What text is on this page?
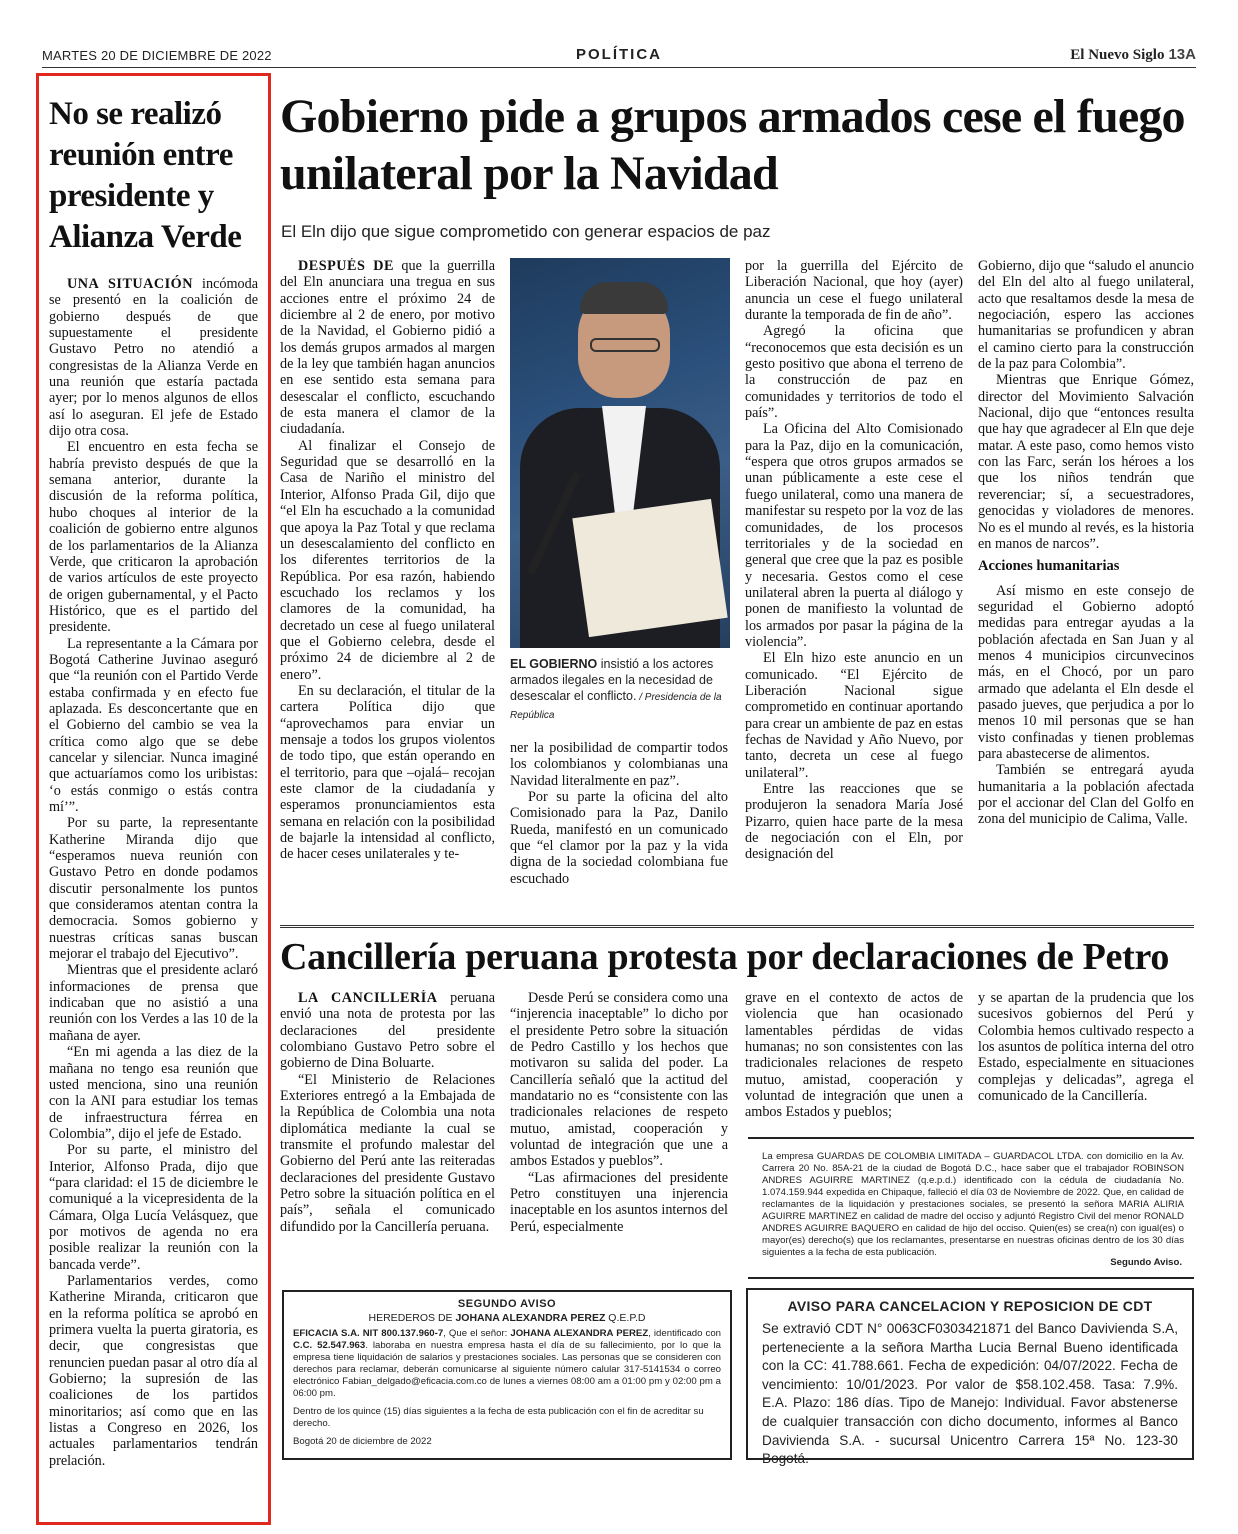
MARTES 20 DE DICIEMBRE DE 2022	POLÍTICA	El Nuevo Siglo 13A
No se realizó reunión entre presidente y Alianza Verde

UNA SITUACIÓN incómoda se presentó en la coalición de gobierno después de que supuestamente el presidente Gustavo Petro no atendió a congresistas de la Alianza Verde en una reunión que estaría pactada ayer; por lo menos algunos de ellos así lo aseguran. El jefe de Estado dijo otra cosa.

El encuentro en esta fecha se habría previsto después de que la semana anterior, durante la discusión de la reforma política, hubo choques al interior de la coalición de gobierno entre algunos de los parlamentarios de la Alianza Verde, que criticaron la aprobación de varios artículos de este proyecto de origen gubernamental, y el Pacto Histórico, que es el partido del presidente.

La representante a la Cámara por Bogotá Catherine Juvinao aseguró que “la reunión con el Partido Verde estaba confirmada y en efecto fue aplazada. Es desconcertante que en el Gobierno del cambio se vea la crítica como algo que se debe cancelar y silenciar. Nunca imaginé que actuaríamos como los uribistas: ‘o estás conmigo o estás contra mí’”.

Por su parte, la representante Katherine Miranda dijo que “esperamos nueva reunión con Gustavo Petro en donde podamos discutir personalmente los puntos que consideramos atentan contra la democracia. Somos gobierno y nuestras críticas sanas buscan mejorar el trabajo del Ejecutivo”.

Mientras que el presidente aclaró informaciones de prensa que indicaban que no asistió a una reunión con los Verdes a las 10 de la mañana de ayer.

“En mi agenda a las diez de la mañana no tengo esa reunión que usted menciona, sino una reunión con la ANI para estudiar los temas de infraestructura férrea en Colombia”, dijo el jefe de Estado.

Por su parte, el ministro del Interior, Alfonso Prada, dijo que “para claridad: el 15 de diciembre le comuniqué a la vicepresidenta de la Cámara, Olga Lucía Velásquez, que por motivos de agenda no era posible realizar la reunión con la bancada verde”.

Parlamentarios verdes, como Katherine Miranda, criticaron que en la reforma política se aprobó en primera vuelta la puerta giratoria, es decir, que congresistas que renuncien puedan pasar al otro día al Gobierno; la supresión de las coaliciones de los partidos minoritarios; así como que en las listas a Congreso en 2026, los actuales parlamentarios tendrán prelación.

Gobierno pide a grupos armados cese el fuego unilateral por la Navidad
El Eln dijo que sigue comprometido con generar espacios de paz

DESPUÉS DE que la guerrilla del Eln anunciara una tregua en sus acciones entre el próximo 24 de diciembre al 2 de enero, por motivo de la Navidad, el Gobierno pidió a los demás grupos armados al margen de la ley que también hagan anuncios en ese sentido esta semana para desescalar el conflicto, escuchando de esta manera el clamor de la ciudadanía.

Al finalizar el Consejo de Seguridad que se desarrolló en la Casa de Nariño el ministro del Interior, Alfonso Prada Gil, dijo que “el Eln ha escuchado a la comunidad que apoya la Paz Total y que reclama un desescalamiento del conflicto en los diferentes territorios de la República. Por esa razón, habiendo escuchado los reclamos y los clamores de la comunidad, ha decretado un cese al fuego unilateral que el Gobierno celebra, desde el próximo 24 de diciembre al 2 de enero”.

En su declaración, el titular de la cartera Política dijo que “aprovechamos para enviar un mensaje a todos los grupos violentos de todo tipo, que están operando en el territorio, para que –ojalá– recojan este clamor de la ciudadanía y esperamos pronunciamientos esta semana en relación con la posibilidad de bajarle la intensidad al conflicto, de hacer ceses unilaterales y te-

EL GOBIERNO insistió a los actores armados ilegales en la necesidad de desescalar el conflicto. / Presidencia de la República

ner la posibilidad de compartir todos los colombianos y colombianas una Navidad literalmente en paz”.

Por su parte la oficina del alto Comisionado para la Paz, Danilo Rueda, manifestó en un comunicado que “el clamor por la paz y la vida digna de la sociedad colombiana fue escuchado

por la guerrilla del Ejército de Liberación Nacional, que hoy (ayer) anuncia un cese el fuego unilateral durante la temporada de fin de año”.

Agregó la oficina que “reconocemos que esta decisión es un gesto positivo que abona el terreno de la construcción de paz en comunidades y territorios de todo el país”.

La Oficina del Alto Comisionado para la Paz, dijo en la comunicación, “espera que otros grupos armados se unan públicamente a este cese el fuego unilateral, como una manera de manifestar su respeto por la voz de las comunidades, de los procesos territoriales y de la sociedad en general que cree que la paz es posible y necesaria. Gestos como el cese unilateral abren la puerta al diálogo y ponen de manifiesto la voluntad de los armados por pasar la página de la violencia”.

El Eln hizo este anuncio en un comunicado. “El Ejército de Liberación Nacional sigue comprometido en continuar aportando para crear un ambiente de paz en estas fechas de Navidad y Año Nuevo, por tanto, decreta un cese al fuego unilateral”.

Entre las reacciones que se produjeron la senadora María José Pizarro, quien hace parte de la mesa de negociación con el Eln, por designación del

Gobierno, dijo que “saludo el anuncio del Eln del alto al fuego unilateral, acto que resaltamos desde la mesa de negociación, espero las acciones humanitarias se profundicen y abran el camino cierto para la construcción de la paz para Colombia”.

Mientras que Enrique Gómez, director del Movimiento Salvación Nacional, dijo que “entonces resulta que hay que agradecer al Eln que deje matar. A este paso, como hemos visto con las Farc, serán los héroes a los que los niños tendrán que reverenciar; sí, a secuestradores, genocidas y violadores de menores. No es el mundo al revés, es la historia en manos de narcos”.

Acciones humanitarias

Así mismo en este consejo de seguridad el Gobierno adoptó medidas para entregar ayudas a la población afectada en San Juan y al menos 4 municipios circunvecinos más, en el Chocó, por un paro armado que adelanta el Eln desde el pasado jueves, que perjudica a por lo menos 10 mil personas que se han visto confinadas y tienen problemas para abastecerse de alimentos.

También se entregará ayuda humanitaria a la población afectada por el accionar del Clan del Golfo en zona del municipio de Calima, Valle.

Cancillería peruana protesta por declaraciones de Petro

LA CANCILLERÍA peruana envió una nota de protesta por las declaraciones del presidente colombiano Gustavo Petro sobre el gobierno de Dina Boluarte.

“El Ministerio de Relaciones Exteriores entregó a la Embajada de la República de Colombia una nota diplomática mediante la cual se transmite el profundo malestar del Gobierno del Perú ante las reiteradas declaraciones del presidente Gustavo Petro sobre la situación política en el país”, señala el comunicado difundido por la Cancillería peruana.

Desde Perú se considera como una “injerencia inaceptable” lo dicho por el presidente Petro sobre la situación de Pedro Castillo y los hechos que motivaron su salida del poder. La Cancillería señaló que la actitud del mandatario no es “consistente con las tradicionales relaciones de respeto mutuo, amistad, cooperación y voluntad de integración que une a ambos Estados y pueblos”.

“Las afirmaciones del presidente Petro constituyen una injerencia inaceptable en los asuntos internos del Perú, especialmente

grave en el contexto de actos de violencia que han ocasionado lamentables pérdidas de vidas humanas; no son consistentes con las tradicionales relaciones de respeto mutuo, amistad, cooperación y voluntad de integración que unen a ambos Estados y pueblos;

y se apartan de la prudencia que los sucesivos gobiernos del Perú y Colombia hemos cultivado respecto a los asuntos de política interna del otro Estado, especialmente en situaciones complejas y delicadas”, agrega el comunicado de la Cancillería.

La empresa GUARDAS DE COLOMBIA LIMITADA – GUARDACOL LTDA. con domicilio en la Av. Carrera 20 No. 85A-21 de la ciudad de Bogotá D.C., hace saber que el trabajador ROBINSON ANDRES AGUIRRE MARTINEZ (q.e.p.d.) identificado con la cédula de ciudadanía No. 1.074.159.944 expedida en Chipaque, falleció el día 03 de Noviembre de 2022. Que, en calidad de reclamantes de la liquidación y prestaciones sociales, se presentó la señora MARIA ALIRIA AGUIRRE MARTINEZ en calidad de madre del occiso y adjuntó Registro Civil del menor RONALD ANDRES AGUIRRE BAQUERO en calidad de hijo del occiso. Quien(es) se crea(n) con igual(es) o mayor(es) derecho(s) que los reclamantes, presentarse en nuestras oficinas dentro de los 30 días siguientes a la fecha de esta publicación.
Segundo Aviso.
SEGUNDO AVISO
HEREDEROS DE JOHANA ALEXANDRA PEREZ Q.E.P.D
EFICACIA S.A. NIT 800.137.960-7, Que el señor: JOHANA ALEXANDRA PEREZ, identificado con C.C. 52.547.963. laboraba en nuestra empresa hasta el día de su fallecimiento, por lo que la empresa tiene liquidación de salarios y prestaciones sociales. Las personas que se consideren con derechos para reclamar, deberán comunicarse al siguiente número calular 317-5141534 o correo electrónico Fabian_delgado@eficacia.com.co de lunes a viernes 08:00 am a 01:00 pm y 02:00 pm a 06:00 pm.
Dentro de los quince (15) días siguientes a la fecha de esta publicación con el fin de acreditar su derecho.
Bogotá 20 de diciembre de 2022
AVISO PARA CANCELACION Y REPOSICION DE CDT
Se extravió CDT N° 0063CF0303421871 del Banco Davivienda S.A, perteneciente a la señora Martha Lucia Bernal Bueno identificada con la CC: 41.788.661. Fecha de expedición: 04/07/2022. Fecha de vencimiento: 10/01/2023. Por valor de $58.102.458. Tasa: 7.9%. E.A. Plazo: 186 días. Tipo de Manejo: Individual. Favor abstenerse de cualquier transacción con dicho documento, informes al Banco Davivienda S.A. - sucursal Unicentro Carrera 15ª No. 123-30 Bogotá.
